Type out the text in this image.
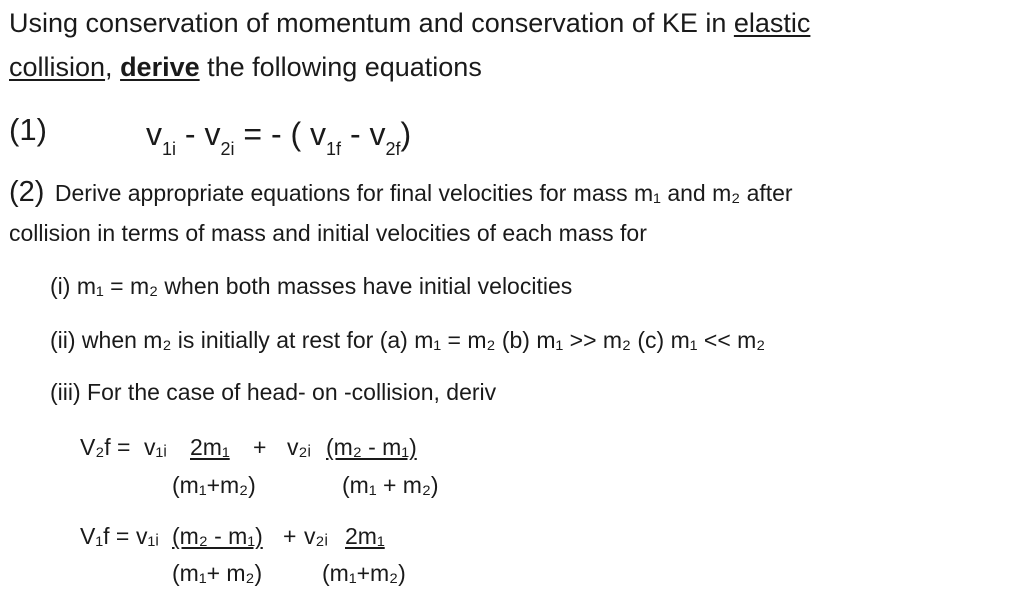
Using conservation of momentum and conservation of KE in elastic
collision, derive the following equations
(1)	$v_{1i} - v_{2i}$ = - ( $v_{1f} - v_{2f}$)
(2) Derive appropriate equations for final velocities for mass m₁ and m₂ after
collision in terms of mass and initial velocities of each mass for
(i) m₁ = m₂ when both masses have initial velocities
(ii) when m₂ is initially at rest for (a) m₁ = m₂ (b) m₁ >> m₂ (c) m₁ << m₂
(iii) For the case of head- on -collision, deriv
V₂f = v₁ᵢ 2m₁ + v₂ᵢ (m₂ - m₁)
(m₁+m₂)	(m₁ + m₂)
V₁f = v₁ᵢ (m₂ - m₁) + v₂ᵢ 2m₁
(m₁+ m₂)	(m₁+m₂)
